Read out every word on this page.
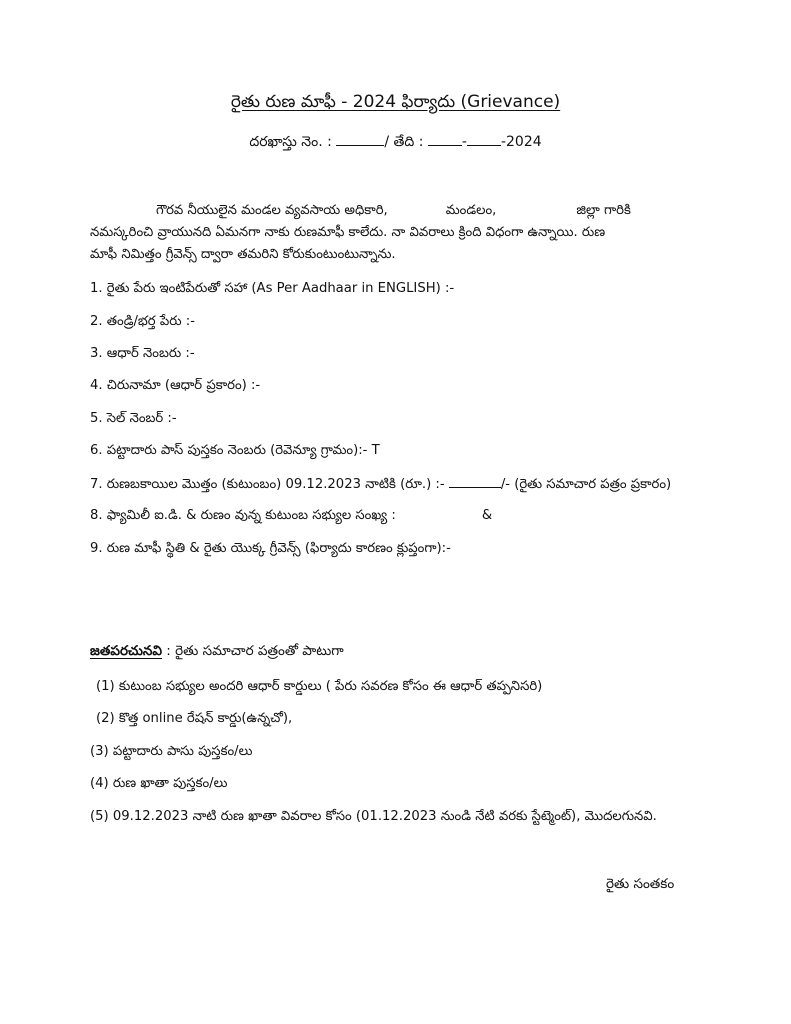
రైతు రుణ మాఫీ - 2024 ఫిర్యాదు (Grievance)
దరఖాస్తు నెం. :	/ తేది :	- -2024
గౌరవ నీయులైన మండల వ్యవసాయ అధికారి,	మండలం,	జిల్లా గారికి
నమస్కరించి వ్రాయునది ఏమనగా నాకు రుణమాఫీ కాలేదు. నా వివరాలు క్రింది విధంగా ఉన్నాయి. రుణ
మాఫీ నిమిత్తం గ్రీవెన్స్ ద్వారా తమరిని కోరుకుంటుంటున్నాను.
1. రైతు పేరు ఇంటిపేరుతో సహా (As Per Aadhaar in ENGLISH) :-
2. తండ్రి/భర్త పేరు :-
3. ఆధార్ నెంబరు :-
4. చిరునామా (ఆధార్ ప్రకారం) :-
5. సెల్ నెంబర్ :-
6. పట్టాదారు పాస్ పుస్తకం నెంబరు (రెవెన్యూ గ్రామం):- T
7. రుణబకాయిల మొత్తం (కుటుంబం) 09.12.2023 నాటికి (రూ.) :-	/- (రైతు సమాచార పత్రం ప్రకారం)
8. ఫ్యామిలీ ఐ.డి. & రుణం వున్న కుటుంబ సభ్యుల సంఖ్య :	&
9. రుణ మాఫీ స్థితి & రైతు యొక్క గ్రీవెన్స్ (ఫిర్యాదు కారణం క్లుప్తంగా):-
జతపరచునవి : రైతు సమాచార పత్రంతో పాటుగా
(1) కుటుంబ సభ్యుల అందరి ఆధార్ కార్డులు ( పేరు సవరణ కోసం ఈ ఆధార్ తప్పనిసరి)
(2) కొత్త online రేషన్ కార్డు(ఉన్నచో),
(3) పట్టాదారు పాసు పుస్తకం/లు
(4) రుణ ఖాతా పుస్తకం/లు
(5) 09.12.2023 నాటి రుణ ఖాతా వివరాల కోసం (01.12.2023 నుండి నేటి వరకు స్టేట్మెంట్), మొదలగునవి.
రైతు సంతకం
